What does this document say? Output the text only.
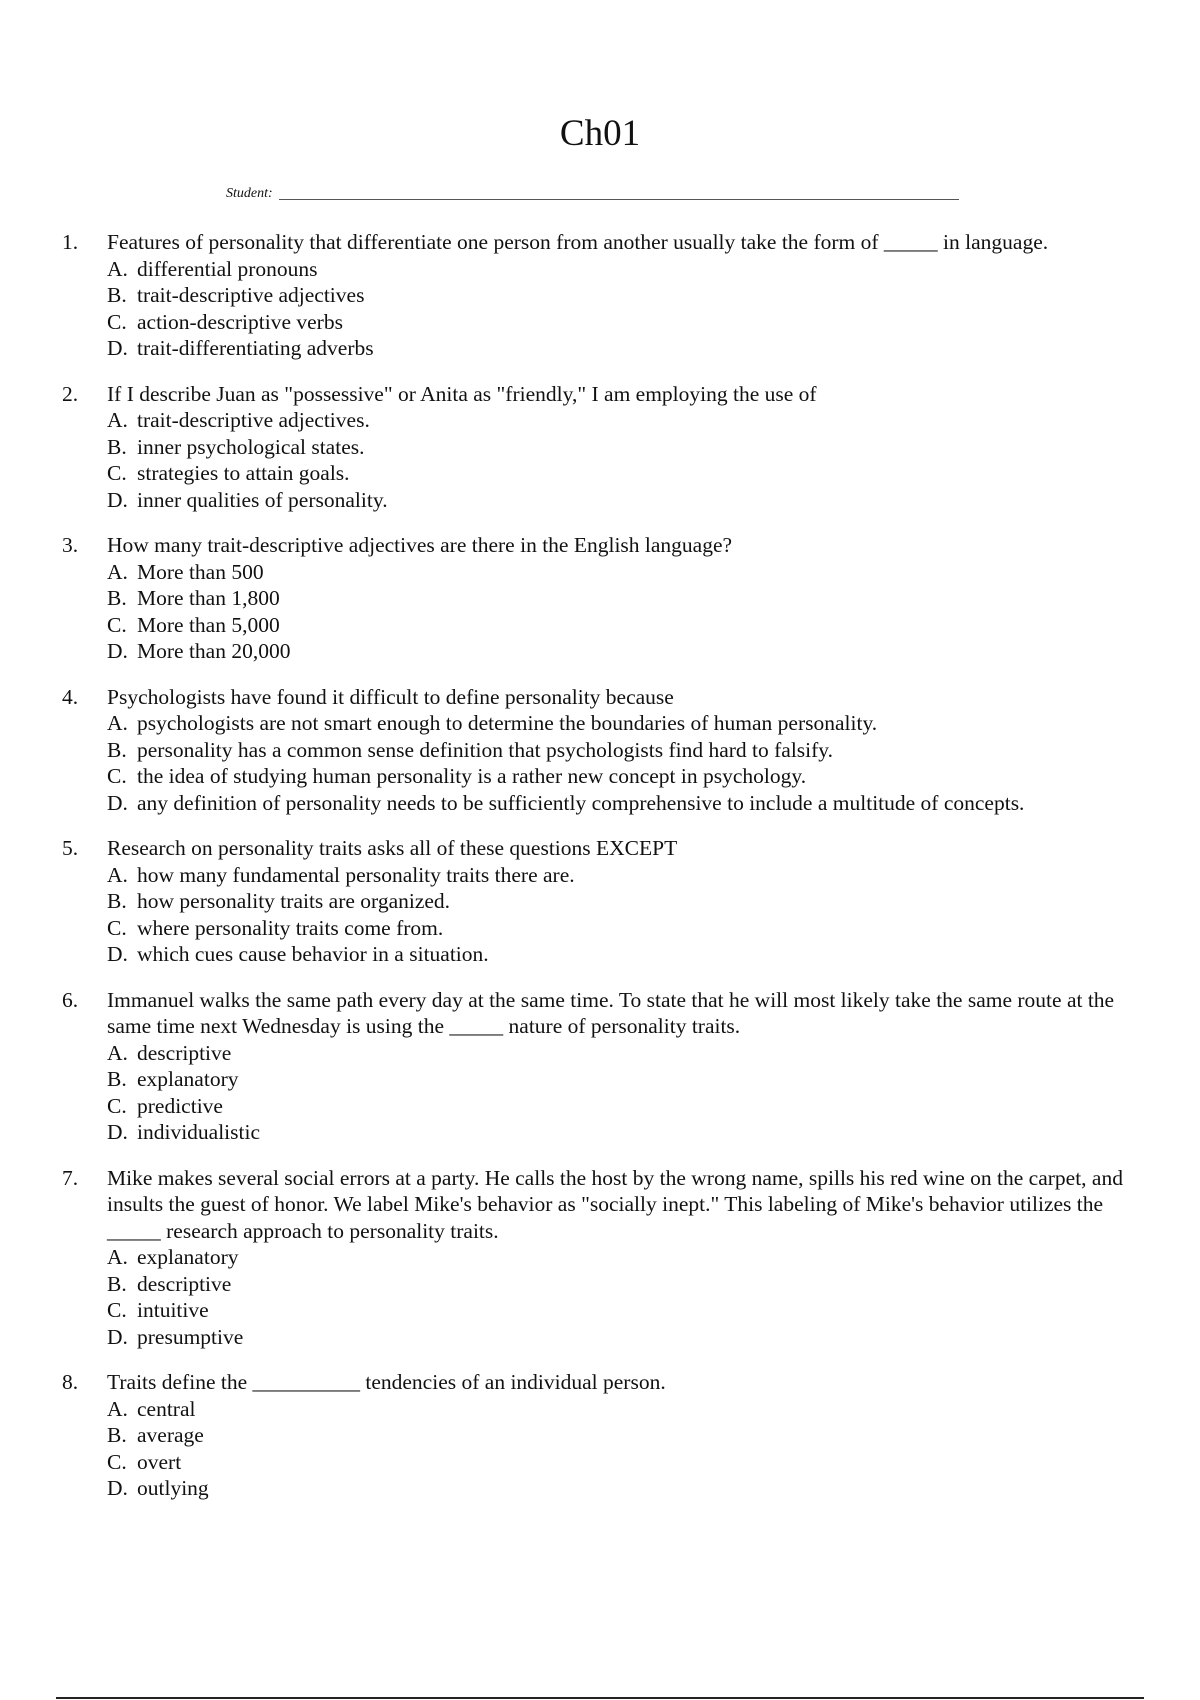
Ch01
Student:
1. Features of personality that differentiate one person from another usually take the form of _____ in language.
A. differential pronouns
B. trait-descriptive adjectives
C. action-descriptive verbs
D. trait-differentiating adverbs
2. If I describe Juan as "possessive" or Anita as "friendly," I am employing the use of
A. trait-descriptive adjectives.
B. inner psychological states.
C. strategies to attain goals.
D. inner qualities of personality.
3. How many trait-descriptive adjectives are there in the English language?
A. More than 500
B. More than 1,800
C. More than 5,000
D. More than 20,000
4. Psychologists have found it difficult to define personality because
A. psychologists are not smart enough to determine the boundaries of human personality.
B. personality has a common sense definition that psychologists find hard to falsify.
C. the idea of studying human personality is a rather new concept in psychology.
D. any definition of personality needs to be sufficiently comprehensive to include a multitude of concepts.
5. Research on personality traits asks all of these questions EXCEPT
A. how many fundamental personality traits there are.
B. how personality traits are organized.
C. where personality traits come from.
D. which cues cause behavior in a situation.
6. Immanuel walks the same path every day at the same time. To state that he will most likely take the same route at the same time next Wednesday is using the _____ nature of personality traits.
A. descriptive
B. explanatory
C. predictive
D. individualistic
7. Mike makes several social errors at a party. He calls the host by the wrong name, spills his red wine on the carpet, and insults the guest of honor. We label Mike's behavior as "socially inept." This labeling of Mike's behavior utilizes the _____ research approach to personality traits.
A. explanatory
B. descriptive
C. intuitive
D. presumptive
8. Traits define the __________ tendencies of an individual person.
A. central
B. average
C. overt
D. outlying
